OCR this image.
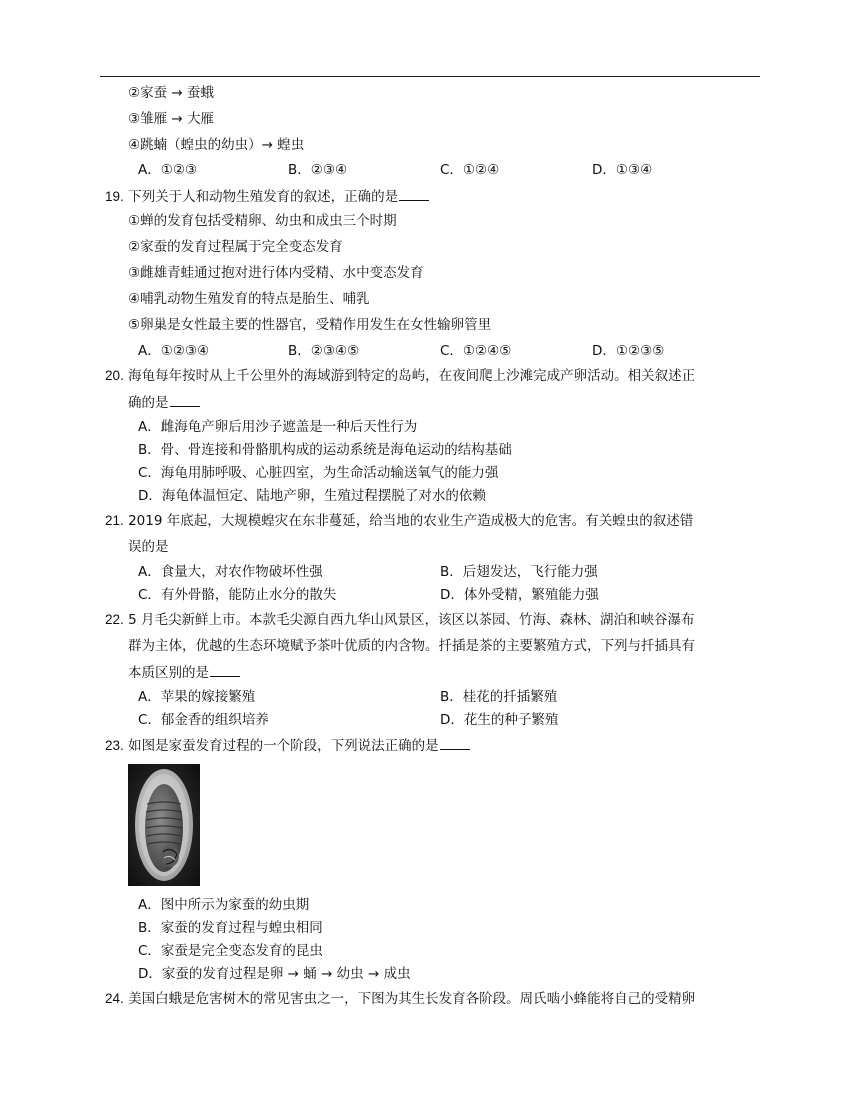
②家蚕 → 蚕蛾
③雏雁 → 大雁
④跳蝻（蝗虫的幼虫）→ 蝗虫
A．①②③	B．②③④	C．①②④	D．①③④
19. 下列关于人和动物生殖发育的叙述，正确的是
①蝉的发育包括受精卵、幼虫和成虫三个时期
②家蚕的发育过程属于完全变态发育
③雌雄青蛙通过抱对进行体内受精、水中变态发育
④哺乳动物生殖发育的特点是胎生、哺乳
⑤卵巢是女性最主要的性器官，受精作用发生在女性输卵管里
A．①②③④	B．②③④⑤	C．①②④⑤	D．①②③⑤
20. 海龟每年按时从上千公里外的海域游到特定的岛屿，在夜间爬上沙滩完成产卵活动。相关叙述正
确的是
A．雌海龟产卵后用沙子遮盖是一种后天性行为
B．骨、骨连接和骨骼肌构成的运动系统是海龟运动的结构基础
C．海龟用肺呼吸、心脏四室，为生命活动输送氧气的能力强
D．海龟体温恒定、陆地产卵，生殖过程摆脱了对水的依赖
21. 2019 年底起，大规模蝗灾在东非蔓延，给当地的农业生产造成极大的危害。有关蝗虫的叙述错
误的是
A．食量大，对农作物破坏性强	B．后翅发达，飞行能力强
C．有外骨骼，能防止水分的散失	D．体外受精，繁殖能力强
22. 5 月毛尖新鲜上市。本款毛尖源自西九华山风景区，该区以茶园、竹海、森林、湖泊和峡谷瀑布
群为主体，优越的生态环境赋予茶叶优质的内含物。扦插是茶的主要繁殖方式，下列与扦插具有
本质区别的是
A．苹果的嫁接繁殖	B．桂花的扦插繁殖
C．郁金香的组织培养	D．花生的种子繁殖
23. 如图是家蚕发育过程的一个阶段，下列说法正确的是
A．图中所示为家蚕的幼虫期
B．家蚕的发育过程与蝗虫相同
C．家蚕是完全变态发育的昆虫
D．家蚕的发育过程是卵 → 蛹 → 幼虫 → 成虫
24. 美国白蛾是危害树木的常见害虫之一，下图为其生长发育各阶段。周氏啮小蜂能将自己的受精卵
